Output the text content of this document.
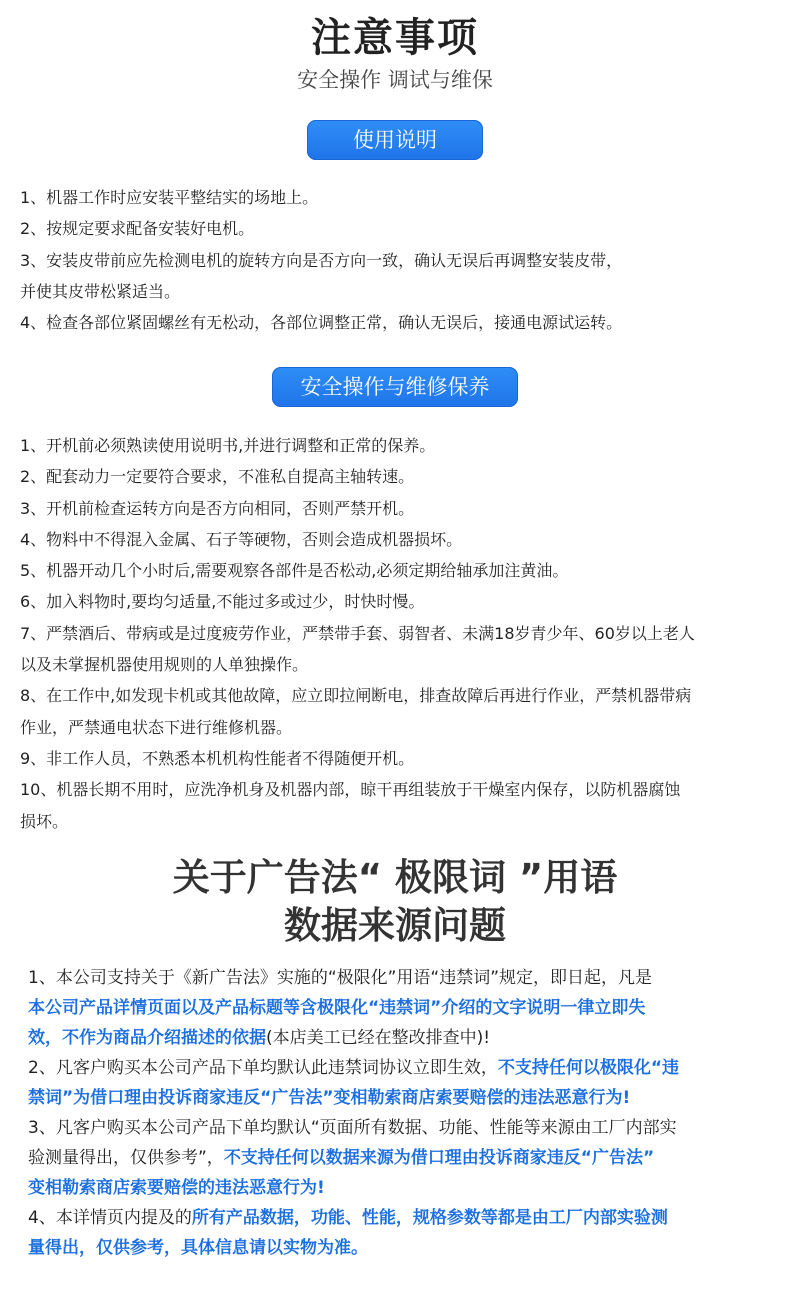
注意事项
安全操作 调试与维保
使用说明
1、机器工作时应安装平整结实的场地上。
2、按规定要求配备安装好电机。
3、安装皮带前应先检测电机的旋转方向是否方向一致，确认无误后再调整安装皮带，
并使其皮带松紧适当。
4、检查各部位紧固螺丝有无松动，各部位调整正常，确认无误后，接通电源试运转。
安全操作与维修保养
1、开机前必须熟读使用说明书,并进行调整和正常的保养。
2、配套动力一定要符合要求，不准私自提高主轴转速。
3、开机前检查运转方向是否方向相同，否则严禁开机。
4、物料中不得混入金属、石子等硬物，否则会造成机器损坏。
5、机器开动几个小时后,需要观察各部件是否松动,必须定期给轴承加注黄油。
6、加入料物时,要均匀适量,不能过多或过少，时快时慢。
7、严禁酒后、带病或是过度疲劳作业，严禁带手套、弱智者、未满18岁青少年、60岁以上老人
以及未掌握机器使用规则的人单独操作。
8、在工作中,如发现卡机或其他故障，应立即拉闸断电，排查故障后再进行作业，严禁机器带病
作业，严禁通电状态下进行维修机器。
9、非工作人员，不熟悉本机机构性能者不得随便开机。
10、机器长期不用时，应洗净机身及机器内部，晾干再组装放于干燥室内保存，以防机器腐蚀
损坏。
关于广告法“ 极限词 ”用语
数据来源问题
1、本公司支持关于《新广告法》实施的“极限化”用语“违禁词”规定，即日起，凡是
本公司产品详情页面以及产品标题等含极限化“违禁词”介绍的文字说明一律立即失
效，不作为商品介绍描述的依据(本店美工已经在整改排查中)!
2、凡客户购买本公司产品下单均默认此违禁词协议立即生效，不支持任何以极限化“违
禁词”为借口理由投诉商家违反“广告法”变相勒索商店索要赔偿的违法恶意行为!
3、凡客户购买本公司产品下单均默认“页面所有数据、功能、性能等来源由工厂内部实
验测量得出，仅供参考”，不支持任何以数据来源为借口理由投诉商家违反“广告法”
变相勒索商店索要赔偿的违法恶意行为!
4、本详情页内提及的所有产品数据，功能、性能，规格参数等都是由工厂内部实验测
量得出，仅供参考，具体信息请以实物为准。
